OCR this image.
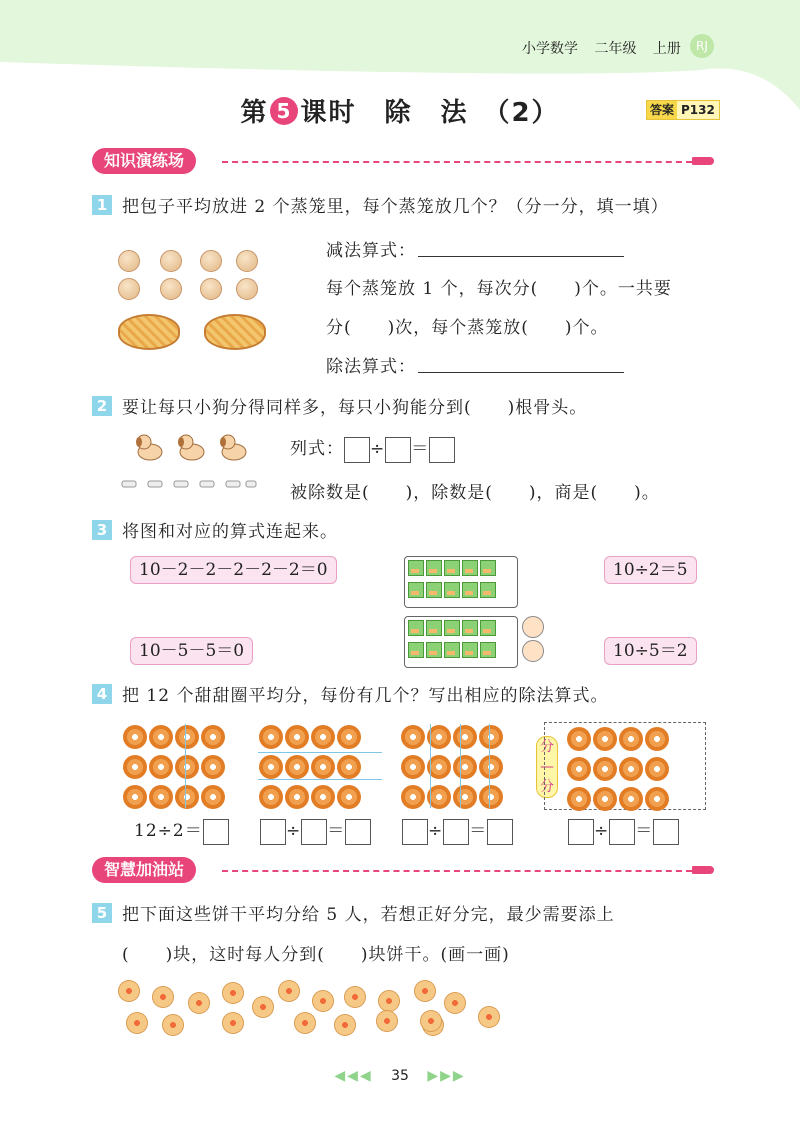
小学数学 二年级 上册	RJ
第 5 课时　除　法　（2）	答案 P132
知识演练场
1 把包子平均放进 2 个蒸笼里，每个蒸笼放几个？（分一分，填一填）
减法算式：
每个蒸笼放 1 个，每次分(　　)个。一共要
分(　　)次，每个蒸笼放(　　)个。
除法算式：
2 要让每只小狗分得同样多，每只小狗能分到(　　)根骨头。
列式： ÷ ＝
被除数是(　　)，除数是(　　)，商是(　　)。
3 将图和对应的算式连起来。
10－2－2－2－2－2＝0
10－5－5＝0
10÷2＝5
10÷5＝2

4 把 12 个甜甜圈平均分，每份有几个？写出相应的除法算式。

分
—
分

12÷2＝	÷ ＝	÷ ＝	÷ ＝
智慧加油站
5 把下面这些饼干平均分给 5 人，若想正好分完，最少需要添上
(　　)块，这时每人分到(　　)块饼干。(画一画)
◀◀◀ 35 ▶▶▶
